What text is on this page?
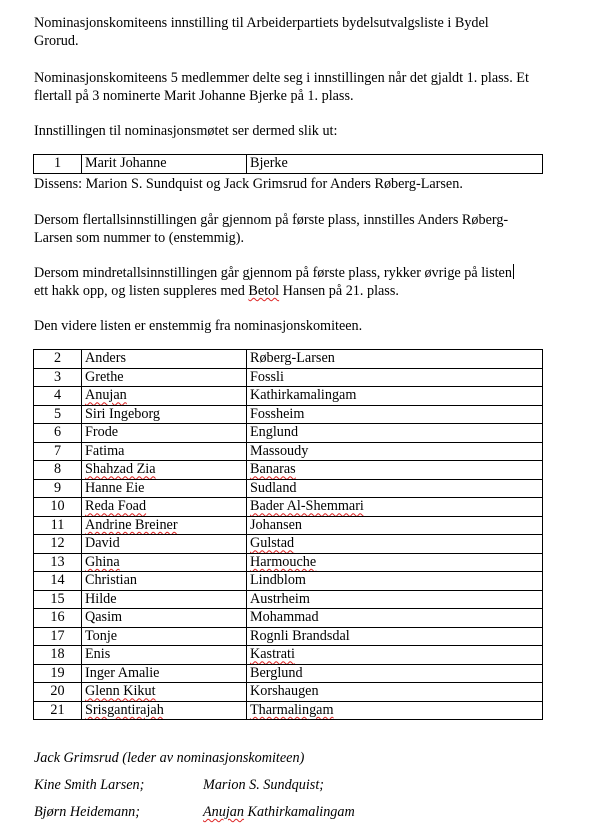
Nominasjonskomiteens innstilling til Arbeiderpartiets bydelsutvalgsliste i Bydel
Grorud.
Nominasjonskomiteens 5 medlemmer delte seg i innstillingen når det gjaldt 1. plass. Et
flertall på 3 nominerte Marit Johanne Bjerke på 1. plass.
Innstillingen til nominasjonsmøtet ser dermed slik ut:
1	Marit Johanne	Bjerke
Dissens: Marion S. Sundquist og Jack Grimsrud for Anders Røberg-Larsen.
Dersom flertallsinnstillingen går gjennom på første plass, innstilles Anders Røberg-
Larsen som nummer to (enstemmig).
Dersom mindretallsinnstillingen går gjennom på første plass, rykker øvrige på listen
ett hakk opp, og listen suppleres med Betol Hansen på 21. plass.
Den videre listen er enstemmig fra nominasjonskomiteen.
2	Anders	Røberg-Larsen
3	Grethe	Fossli
4	Anujan	Kathirkamalingam
5	Siri Ingeborg	Fossheim
6	Frode	Englund
7	Fatima	Massoudy
8	Shahzad Zia	Banaras
9	Hanne Eie	Sudland
10	Reda Foad	Bader Al-Shemmari
11	Andrine Breiner	Johansen
12	David	Gulstad
13	Ghina	Harmouche
14	Christian	Lindblom
15	Hilde	Austrheim
16	Qasim	Mohammad
17	Tonje	Rognli Brandsdal
18	Enis	Kastrati
19	Inger Amalie	Berglund
20	Glenn Kikut	Korshaugen
21	Srisgantirajah	Tharmalingam
Jack Grimsrud (leder av nominasjonskomiteen)
Kine Smith Larsen;	Marion S. Sundquist;
Bjørn Heidemann;	Anujan Kathirkamalingam
